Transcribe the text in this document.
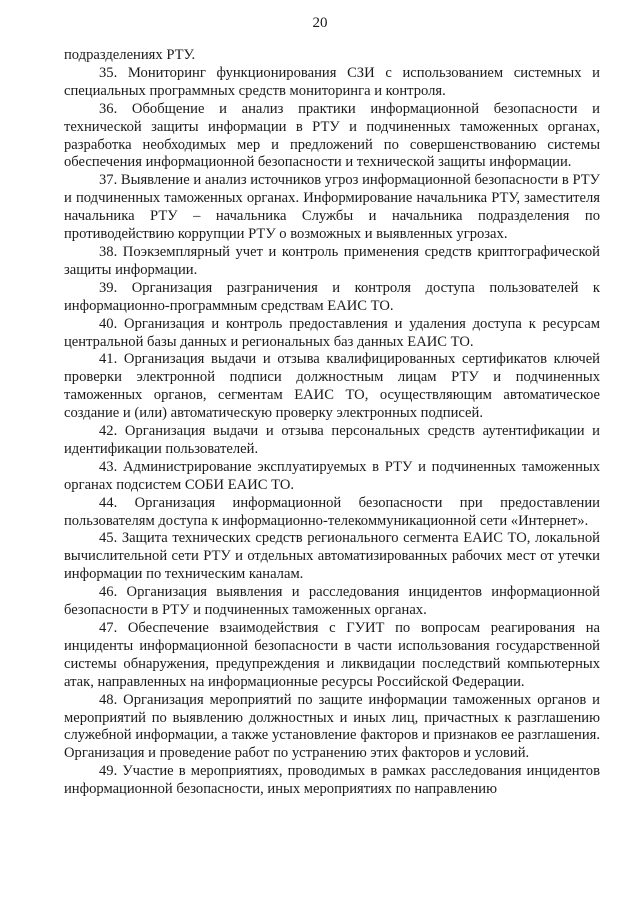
20

подразделениях РТУ.

35. Мониторинг функционирования СЗИ с использованием системных и специальных программных средств мониторинга и контроля.

36. Обобщение и анализ практики информационной безопасности и технической защиты информации в РТУ и подчиненных таможенных органах, разработка необходимых мер и предложений по совершенствованию системы обеспечения информационной безопасности и технической защиты информации.

37. Выявление и анализ источников угроз информационной безопасности в РТУ и подчиненных таможенных органах. Информирование начальника РТУ, заместителя начальника РТУ – начальника Службы и начальника подразделения по противодействию коррупции РТУ о возможных и выявленных угрозах.

38. Поэкземплярный учет и контроль применения средств криптографической защиты информации.

39. Организация разграничения и контроля доступа пользователей к информационно-программным средствам ЕАИС ТО.

40. Организация и контроль предоставления и удаления доступа к ресурсам центральной базы данных и региональных баз данных ЕАИС ТО.

41. Организация выдачи и отзыва квалифицированных сертификатов ключей проверки электронной подписи должностным лицам РТУ и подчиненных таможенных органов, сегментам ЕАИС ТО, осуществляющим автоматическое создание и (или) автоматическую проверку электронных подписей.

42. Организация выдачи и отзыва персональных средств аутентификации и идентификации пользователей.

43. Администрирование эксплуатируемых в РТУ и подчиненных таможенных органах подсистем СОБИ ЕАИС ТО.

44. Организация информационной безопасности при предоставлении пользователям доступа к информационно-телекоммуникационной сети «Интернет».

45. Защита технических средств регионального сегмента ЕАИС ТО, локальной вычислительной сети РТУ и отдельных автоматизированных рабочих мест от утечки информации по техническим каналам.

46. Организация выявления и расследования инцидентов информационной безопасности в РТУ и подчиненных таможенных органах.

47. Обеспечение взаимодействия с ГУИТ по вопросам реагирования на инциденты информационной безопасности в части использования государственной системы обнаружения, предупреждения и ликвидации последствий компьютерных атак, направленных на информационные ресурсы Российской Федерации.

48. Организация мероприятий по защите информации таможенных органов и мероприятий по выявлению должностных и иных лиц, причастных к разглашению служебной информации, а также установление факторов и признаков ее разглашения. Организация и проведение работ по устранению этих факторов и условий.

49. Участие в мероприятиях, проводимых в рамках расследования инцидентов информационной безопасности, иных мероприятиях по направлению
